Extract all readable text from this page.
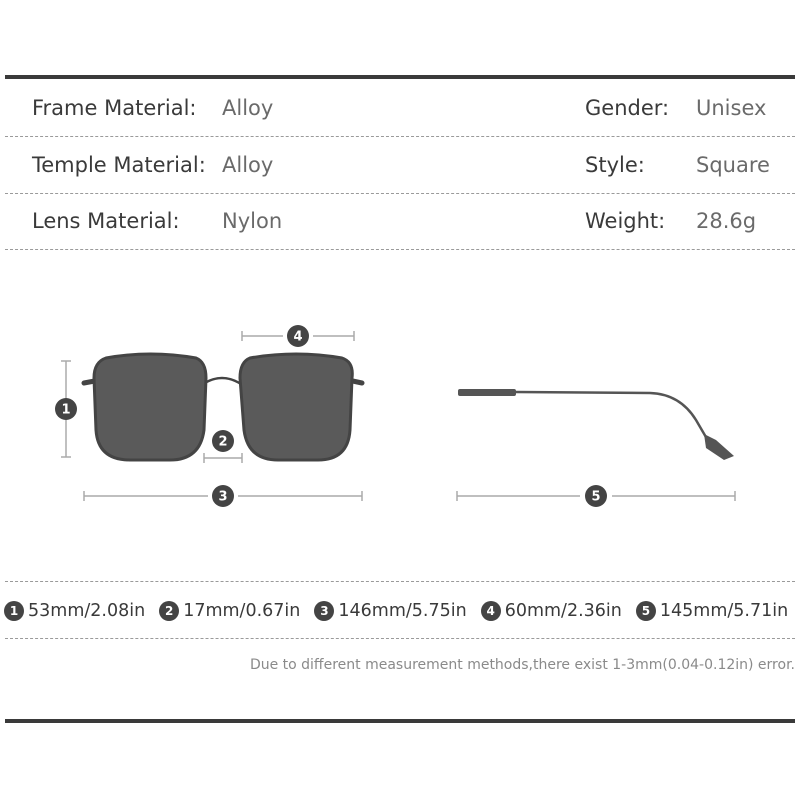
Frame Material: Alloy	Gender: Unisex
Temple Material: Alloy	Style: Square
Lens Material: Nylon	Weight: 28.6g
1
2
3
4
5
1 53mm/2.08in	2 17mm/0.67in	3 146mm/5.75in	4 60mm/2.36in	5 145mm/5.71in
Due to different measurement methods,there exist 1-3mm(0.04-0.12in) error.
